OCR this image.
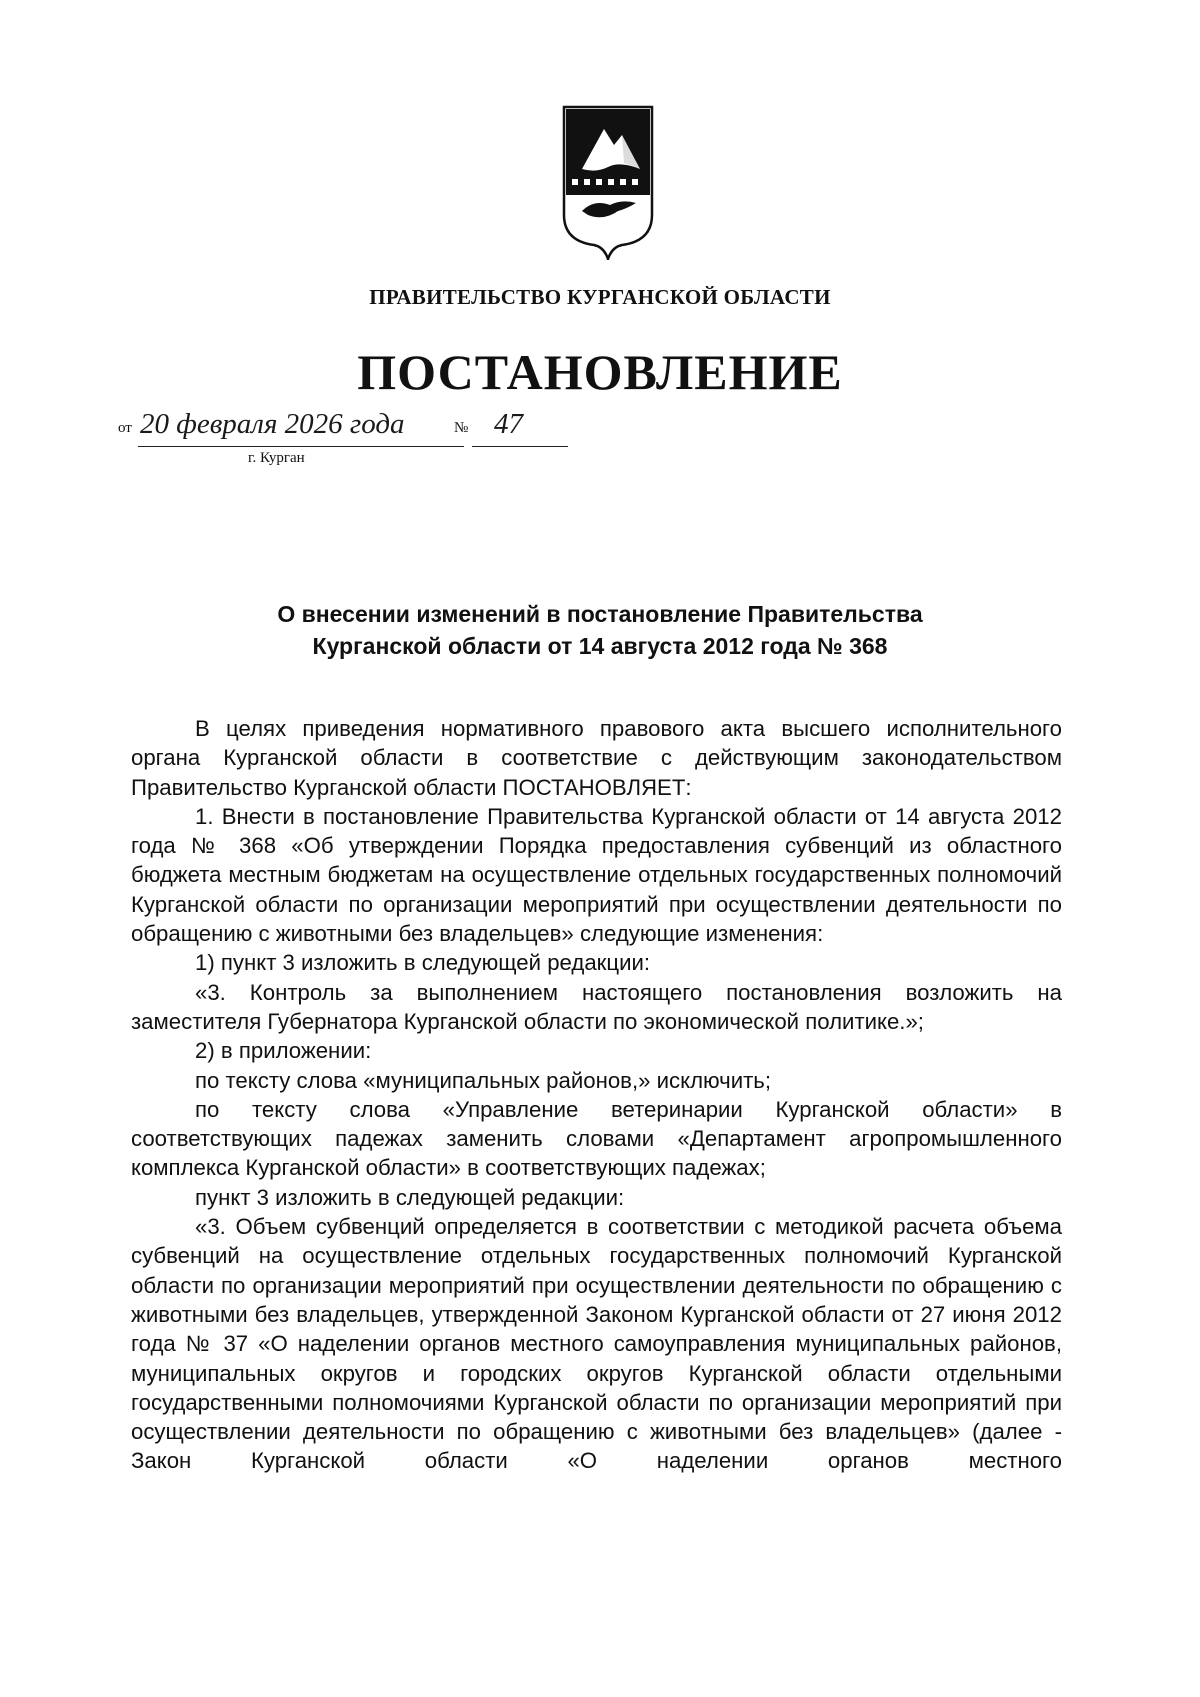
ПРАВИТЕЛЬСТВО КУРГАНСКОЙ ОБЛАСТИ
ПОСТАНОВЛЕНИЕ
от 20 февраля 2026 года	№ 47
г. Курган
О внесении изменений в постановление Правительства
Курганской области от 14 августа 2012 года № 368

В целях приведения нормативного правового акта высшего исполнительного органа Курганской области в соответствие с действующим законодательством Правительство Курганской области ПОСТАНОВЛЯЕТ:

1. Внести в постановление Правительства Курганской области от 14 августа 2012 года № 368 «Об утверждении Порядка предоставления субвенций из областного бюджета местным бюджетам на осуществление отдельных государственных полномочий Курганской области по организации мероприятий при осуществлении деятельности по обращению с животными без владельцев» следующие изменения:

1) пункт 3 изложить в следующей редакции:

«3. Контроль за выполнением настоящего постановления возложить на заместителя Губернатора Курганской области по экономической политике.»;

2) в приложении:

по тексту слова «муниципальных районов,» исключить;

по тексту слова «Управление ветеринарии Курганской области» в соответствующих падежах заменить словами «Департамент агропромышленного комплекса Курганской области» в соответствующих падежах;

пункт 3 изложить в следующей редакции:

«3. Объем субвенций определяется в соответствии с методикой расчета объема субвенций на осуществление отдельных государственных полномочий Курганской области по организации мероприятий при осуществлении деятельности по обращению с животными без владельцев, утвержденной Законом Курганской области от 27 июня 2012 года № 37 «О наделении органов местного самоуправления муниципальных районов, муниципальных округов и городских округов Курганской области отдельными государственными полномочиями Курганской области по организации мероприятий при осуществлении деятельности по обращению с животными без владельцев» (далее - Закон Курганской области «О наделении органов местного
